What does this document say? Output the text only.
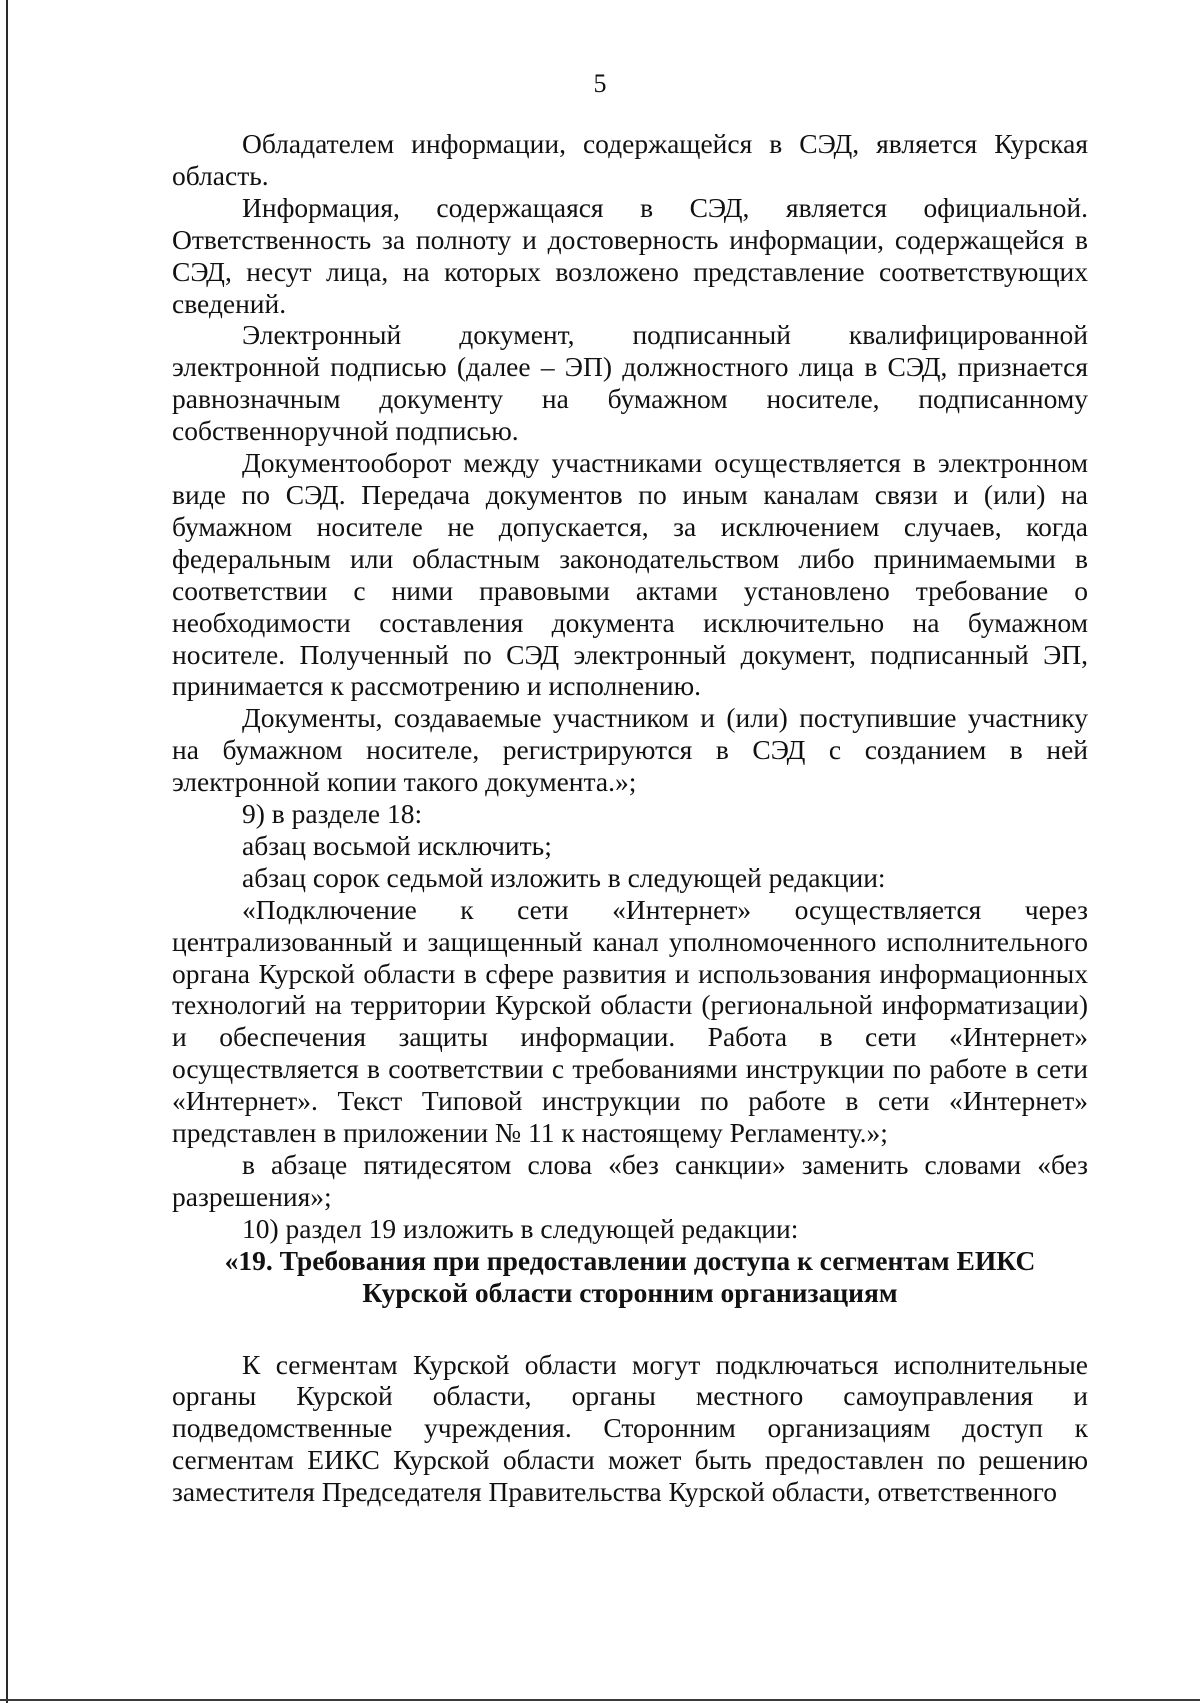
5

Обладателем информации, содержащейся в СЭД, является Курская область.

Информация, содержащаяся в СЭД, является официальной. Ответственность за полноту и достоверность информации, содержащейся в СЭД, несут лица, на которых возложено представление соответствующих сведений.

Электронный документ, подписанный квалифицированной электронной подписью (далее – ЭП) должностного лица в СЭД, признается равнозначным документу на бумажном носителе, подписанному собственноручной подписью.

Документооборот между участниками осуществляется в электронном виде по СЭД. Передача документов по иным каналам связи и (или) на бумажном носителе не допускается, за исключением случаев, когда федеральным или областным законодательством либо принимаемыми в соответствии с ними правовыми актами установлено требование о необходимости составления документа исключительно на бумажном носителе. Полученный по СЭД электронный документ, подписанный ЭП, принимается к рассмотрению и исполнению.

Документы, создаваемые участником и (или) поступившие участнику на бумажном носителе, регистрируются в СЭД с созданием в ней электронной копии такого документа.»;

9) в разделе 18:

абзац восьмой исключить;

абзац сорок седьмой изложить в следующей редакции:

«Подключение к сети «Интернет» осуществляется через централизованный и защищенный канал уполномоченного исполнительного органа Курской области в сфере развития и использования информационных технологий на территории Курской области (региональной информатизации) и обеспечения защиты информации. Работа в сети «Интернет» осуществляется в соответствии с требованиями инструкции по работе в сети «Интернет». Текст Типовой инструкции по работе в сети «Интернет» представлен в приложении № 11 к настоящему Регламенту.»;

в абзаце пятидесятом слова «без санкции» заменить словами «без разрешения»;

10) раздел 19 изложить в следующей редакции:

«19. Требования при предоставлении доступа к сегментам ЕИКС
Курской области сторонним организациям

К сегментам Курской области могут подключаться исполнительные органы Курской области, органы местного самоуправления и подведомственные учреждения. Сторонним организациям доступ к сегментам ЕИКС Курской области может быть предоставлен по решению заместителя Председателя Правительства Курской области, ответственного
